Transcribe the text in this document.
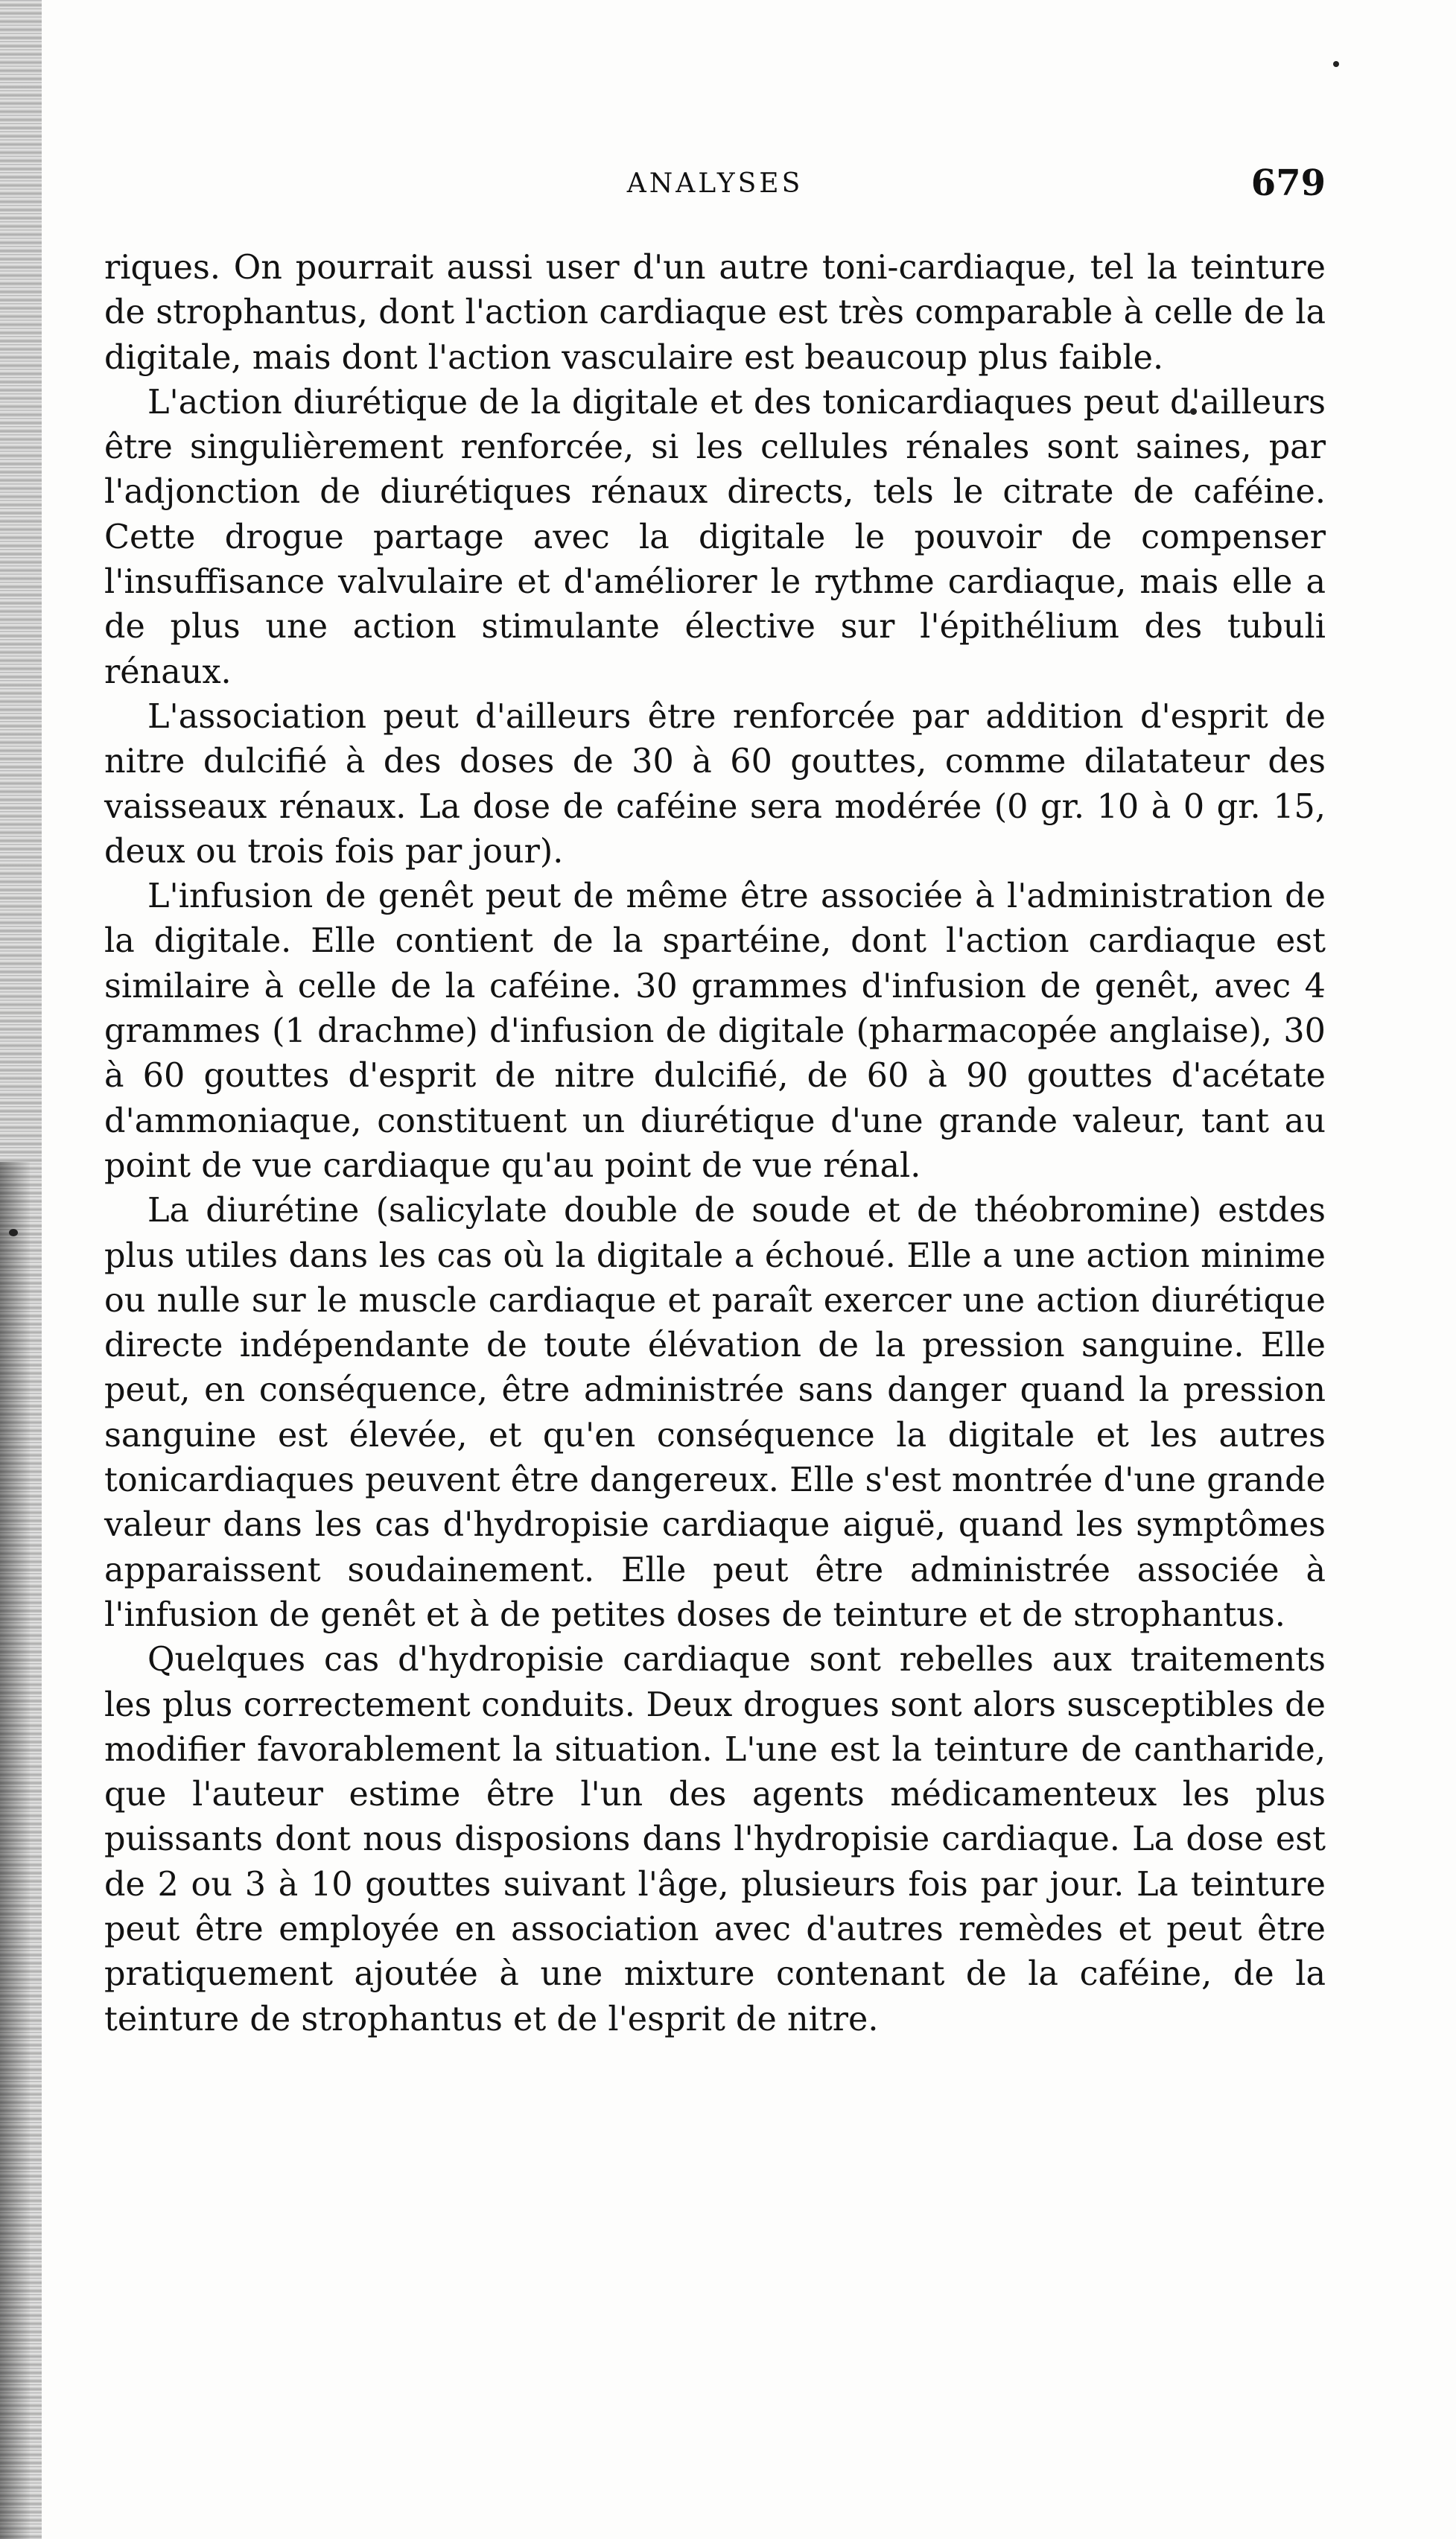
ANALYSES	679

riques. On pourrait aussi user d'un autre toni-cardiaque, tel la teinture de strophantus, dont l'action cardiaque est très comparable à celle de la digitale, mais dont l'action vasculaire est beaucoup plus faible.

L'action diurétique de la digitale et des tonicardiaques peut d'ailleurs être singulièrement renforcée, si les cellules rénales sont saines, par l'adjonction de diurétiques rénaux directs, tels le citrate de caféine. Cette drogue partage avec la digitale le pouvoir de compenser l'insuffisance valvulaire et d'améliorer le rythme cardiaque, mais elle a de plus une action stimulante élective sur l'épithélium des tubuli rénaux.

L'association peut d'ailleurs être renforcée par addition d'esprit de nitre dulcifié à des doses de 30 à 60 gouttes, comme dilatateur des vaisseaux rénaux. La dose de caféine sera modérée (0 gr. 10 à 0 gr. 15, deux ou trois fois par jour).

L'infusion de genêt peut de même être associée à l'administration de la digitale. Elle contient de la spartéine, dont l'action cardiaque est similaire à celle de la caféine. 30 grammes d'infusion de genêt, avec 4 grammes (1 drachme) d'infusion de digitale (pharmacopée anglaise), 30 à 60 gouttes d'esprit de nitre dulcifié, de 60 à 90 gouttes d'acétate d'ammoniaque, constituent un diurétique d'une grande valeur, tant au point de vue cardiaque qu'au point de vue rénal.

La diurétine (salicylate double de soude et de théobromine) estdes plus utiles dans les cas où la digitale a échoué. Elle a une action minime ou nulle sur le muscle cardiaque et paraît exercer une action diurétique directe indépendante de toute élévation de la pression sanguine. Elle peut, en conséquence, être administrée sans danger quand la pression sanguine est élevée, et qu'en conséquence la digitale et les autres tonicardiaques peuvent être dangereux. Elle s'est montrée d'une grande valeur dans les cas d'hydropisie cardiaque aiguë, quand les symptômes apparaissent soudainement. Elle peut être administrée associée à l'infusion de genêt et à de petites doses de teinture et de strophantus.

Quelques cas d'hydropisie cardiaque sont rebelles aux traitements les plus correctement conduits. Deux drogues sont alors susceptibles de modifier favorablement la situation. L'une est la teinture de cantharide, que l'auteur estime être l'un des agents médicamenteux les plus puissants dont nous disposions dans l'hydropisie cardiaque. La dose est de 2 ou 3 à 10 gouttes suivant l'âge, plusieurs fois par jour. La teinture peut être employée en association avec d'autres remèdes et peut être pratiquement ajoutée à une mixture contenant de la caféine, de la teinture de strophantus et de l'esprit de nitre.
